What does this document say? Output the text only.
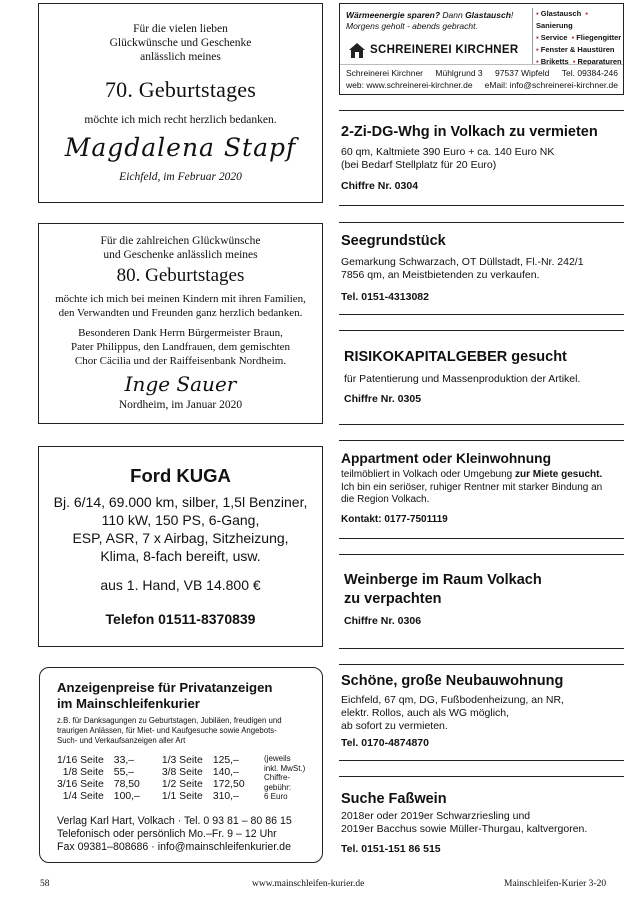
Für die vielen lieben
Glückwünsche und Geschenke
anlässlich meines
70. Geburtstages
möchte ich mich recht herzlich bedanken.
Magdalena Stapf
Eichfeld, im Februar 2020
Für die zahlreichen Glückwünsche
und Geschenke anlässlich meines
80. Geburtstages
möchte ich mich bei meinen Kindern mit ihren Familien,
den Verwandten und Freunden ganz herzlich bedanken.
Besonderen Dank Herrn Bürgermeister Braun,
Pater Philippus, den Landfrauen, dem gemischten
Chor Cäcilia und der Raiffeisenbank Nordheim.
Inge Sauer
Nordheim, im Januar 2020
Ford KUGA
Bj. 6/14, 69.000 km, silber, 1,5l Benziner,
110 kW, 150 PS, 6-Gang,
ESP, ASR, 7 x Airbag, Sitzheizung,
Klima, 8-fach bereift, usw.
aus 1. Hand, VB 14.800 €
Telefon 01511-8370839
Anzeigenpreise für Privatanzeigen
im Mainschleifenkurier
z.B. für Danksagungen zu Geburtstagen, Jubiläen, freudigen und
traurigen Anlässen, für Miet- und Kaufgesuche sowie Angebots-
Such- und Verkaufsanzeigen aller Art
1/16 Seite	33,–	1/3 Seite	125,–
1/8 Seite	55,–	3/8 Seite	140,–
3/16 Seite	78,50	1/2 Seite	172,50
1/4 Seite	100,–	1/1 Seite	310,–
(jeweils
inkl. MwSt.)
Chiffre-
gebühr:
6 Euro
Verlag Karl Hart, Volkach · Tel. 0 93 81 – 80 86 15
Telefonisch oder persönlich Mo.–Fr. 9 – 12 Uhr
Fax 09381–808686 · info@mainschleifenkurier.de
Wärmeenergie sparen? Dann Glastausch!
Morgens geholt - abends gebracht.
SCHREINEREI KIRCHNER
▪ Glastausch ▪ Sanierung
▪ Service ▪ Fliegengitter
▪ Fenster & Haustüren
▪ Briketts ▪ Reparaturen
Schreinerei Kirchner Mühlgrund 3 97537 Wipfeld Tel. 09384-246
web: www.schreinerei-kirchner.de eMail: info@schreinerei-kirchner.de
2-Zi-DG-Whg in Volkach zu vermieten
60 qm, Kaltmiete 390 Euro + ca. 140 Euro NK
(bei Bedarf Stellplatz für 20 Euro)
Chiffre Nr. 0304
Seegrundstück
Gemarkung Schwarzach, OT Düllstadt, Fl.-Nr. 242/1
7856 qm, an Meistbietenden zu verkaufen.
Tel. 0151-4313082
RISIKOKAPITALGEBER gesucht
für Patentierung und Massenproduktion der Artikel.
Chiffre Nr. 0305
Appartment oder Kleinwohnung
teilmöbliert in Volkach oder Umgebung zur Miete gesucht.
Ich bin ein seriöser, ruhiger Rentner mit starker Bindung an
die Region Volkach.
Kontakt: 0177-7501119
Weinberge im Raum Volkach
zu verpachten
Chiffre Nr. 0306
Schöne, große Neubauwohnung
Eichfeld, 67 qm, DG, Fußbodenheizung, an NR,
elektr. Rollos, auch als WG möglich,
ab sofort zu vermieten.
Tel. 0170-4874870
Suche Faßwein
2018er oder 2019er Schwarzriesling und
2019er Bacchus sowie Müller-Thurgau, kaltvergoren.
Tel. 0151-151 86 515
58	www.mainschleifen-kurier.de	Mainschleifen-Kurier 3-20
